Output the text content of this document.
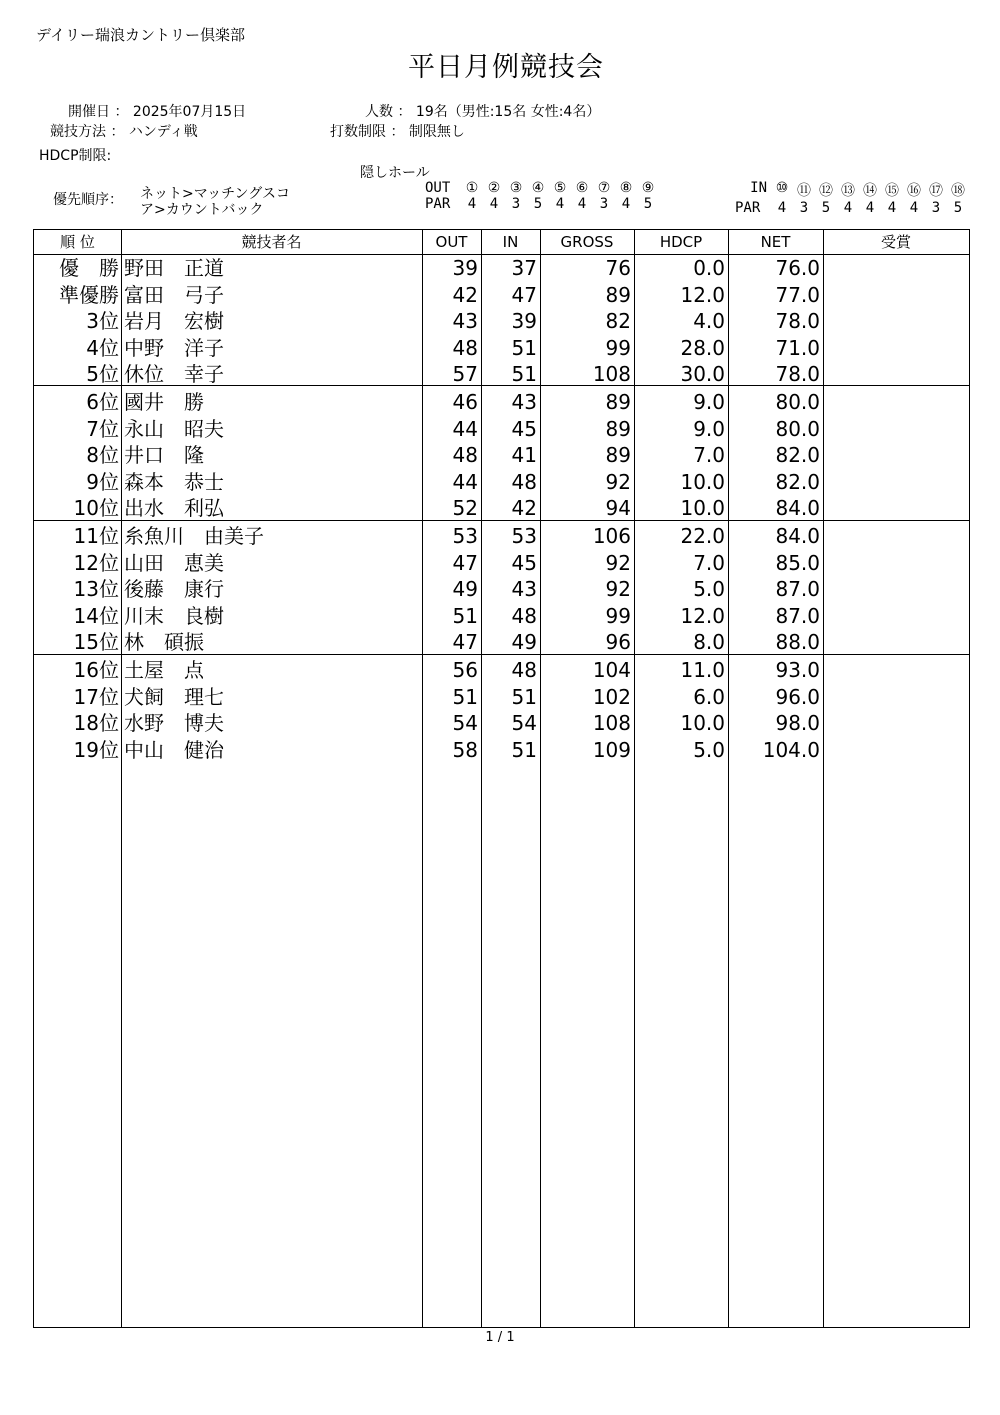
デイリー瑞浪カントリー倶楽部
平日月例競技会
開催日 ： 2025年07月15日	人数 ： 19名（男性:15名 女性:4名）
競技方法 ： ハンディ戦	打数制限 ： 制限無し
HDCP制限:
隠しホール
優先順序： ネット>マッチングスコ
ア>カウントバック
OUT	① ② ③ ④ ⑤ ⑥ ⑦ ⑧ ⑨
PAR	4 4 3 5 4 4 3 4 5
IN ⑩ ⑪ ⑫ ⑬ ⑭ ⑮ ⑯ ⑰ ⑱
PAR	4 3 5 4 4 4 4 3 5
順 位	競技者名	OUT	IN	GROSS	HDCP	NET	受賞
優　勝 野田　正道	39	37	76	0.0	76.0
準優勝 富田　弓子	42	47	89	12.0	77.0
3位 岩月　宏樹	43	39	82	4.0	78.0
4位 中野　洋子	48	51	99	28.0	71.0
5位 休位　幸子	57	51	108	30.0	78.0
6位 國井　勝	46	43	89	9.0	80.0
7位 永山　昭夫	44	45	89	9.0	80.0
8位 井口　隆	48	41	89	7.0	82.0
9位 森本　恭士	44	48	92	10.0	82.0
10位 出水　利弘	52	42	94	10.0	84.0
11位 糸魚川　由美子	53	53	106	22.0	84.0
12位 山田　恵美	47	45	92	7.0	85.0
13位 後藤　康行	49	43	92	5.0	87.0
14位 川末　良樹	51	48	99	12.0	87.0
15位 林　碩振	47	49	96	8.0	88.0
16位 土屋　点	56	48	104	11.0	93.0
17位 犬飼　理七	51	51	102	6.0	96.0
18位 水野　博夫	54	54	108	10.0	98.0
19位 中山　健治	58	51	109	5.0	104.0
1 / 1
